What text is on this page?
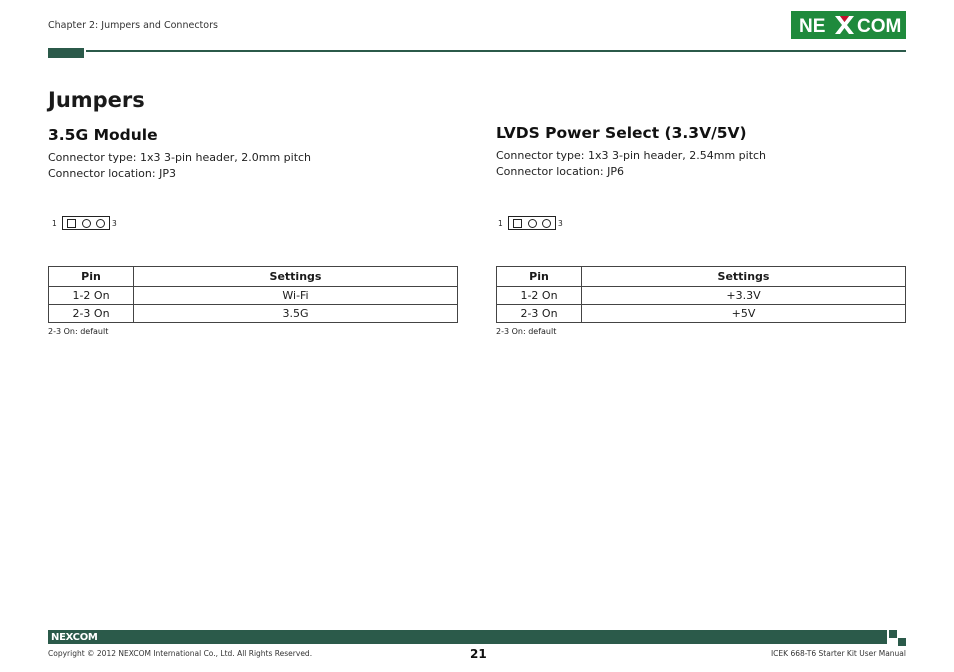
Chapter 2: Jumpers and Connectors	NE COM
Jumpers
3.5G Module
Connector type: 1x3 3-pin header, 2.0mm pitch
Connector location: JP3
1	3
Pin	Settings
1-2 On	Wi-Fi
2-3 On	3.5G
2-3 On: default
LVDS Power Select (3.3V/5V)
Connector type: 1x3 3-pin header, 2.54mm pitch
Connector location: JP6
1	3
Pin	Settings
1-2 On	+3.3V
2-3 On	+5V
2-3 On: default
NEXCOM
Copyright © 2012 NEXCOM International Co., Ltd. All Rights Reserved.	21	ICEK 668-T6 Starter Kit User Manual
